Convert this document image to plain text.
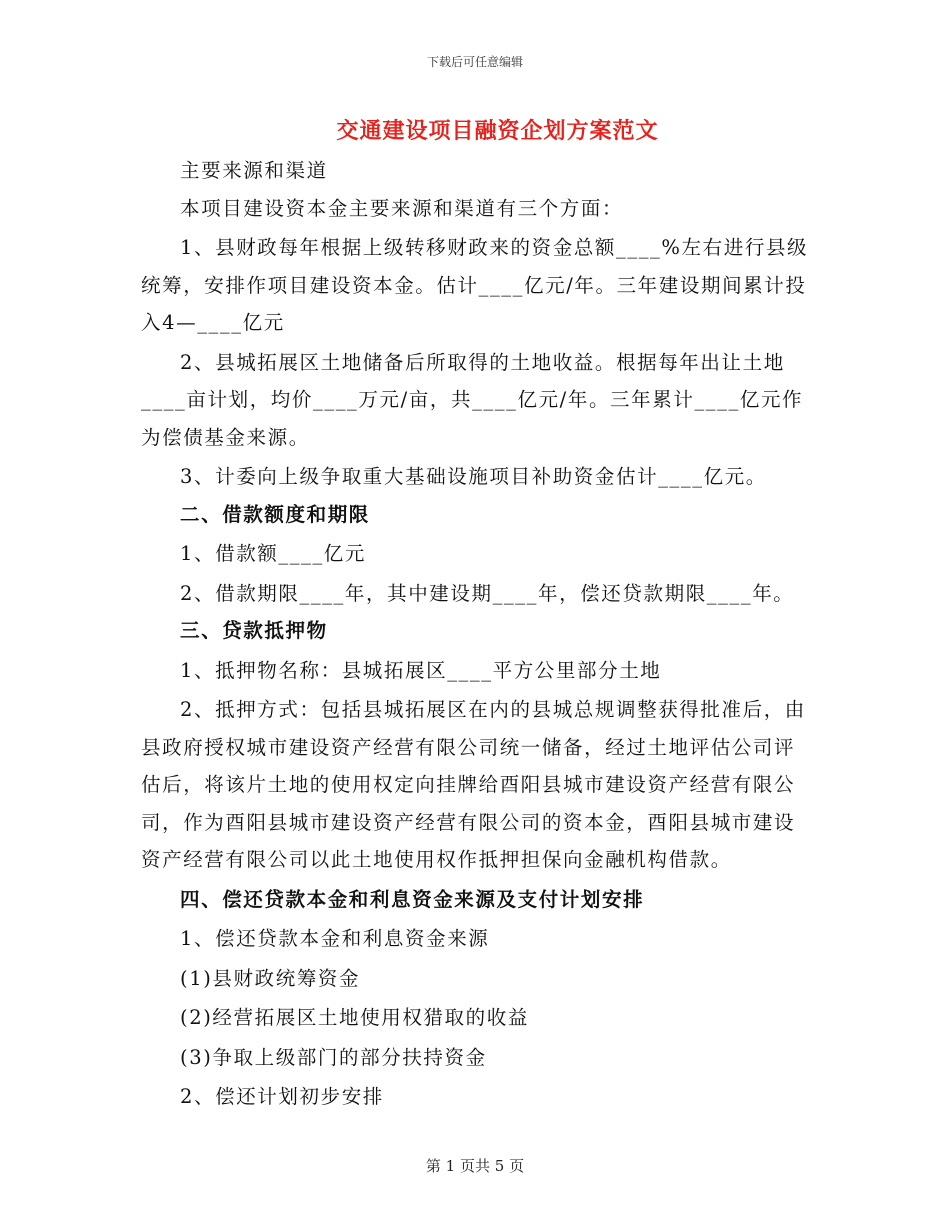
下载后可任意编辑
交通建设项目融资企划方案范文

主要来源和渠道

本项目建设资本金主要来源和渠道有三个方面：

1、县财政每年根据上级转移财政来的资金总额____%左右进行县级统筹，安排作项目建设资本金。估计____亿元/年。三年建设期间累计投入4—____亿元

2、县城拓展区土地储备后所取得的土地收益。根据每年出让土地____亩计划，均价____万元/亩，共____亿元/年。三年累计____亿元作为偿债基金来源。

3、计委向上级争取重大基础设施项目补助资金估计____亿元。

二、借款额度和期限

1、借款额____亿元

2、借款期限____年，其中建设期____年，偿还贷款期限____年。

三、贷款抵押物

1、抵押物名称：县城拓展区____平方公里部分土地

2、抵押方式：包括县城拓展区在内的县城总规调整获得批准后，由县政府授权城市建设资产经营有限公司统一储备，经过土地评估公司评估后，将该片土地的使用权定向挂牌给酉阳县城市建设资产经营有限公司，作为酉阳县城市建设资产经营有限公司的资本金，酉阳县城市建设资产经营有限公司以此土地使用权作抵押担保向金融机构借款。

四、偿还贷款本金和利息资金来源及支付计划安排

1、偿还贷款本金和利息资金来源

(1)县财政统筹资金

(2)经营拓展区土地使用权猎取的收益

(3)争取上级部门的部分扶持资金

2、偿还计划初步安排

第 1 页共 5 页
